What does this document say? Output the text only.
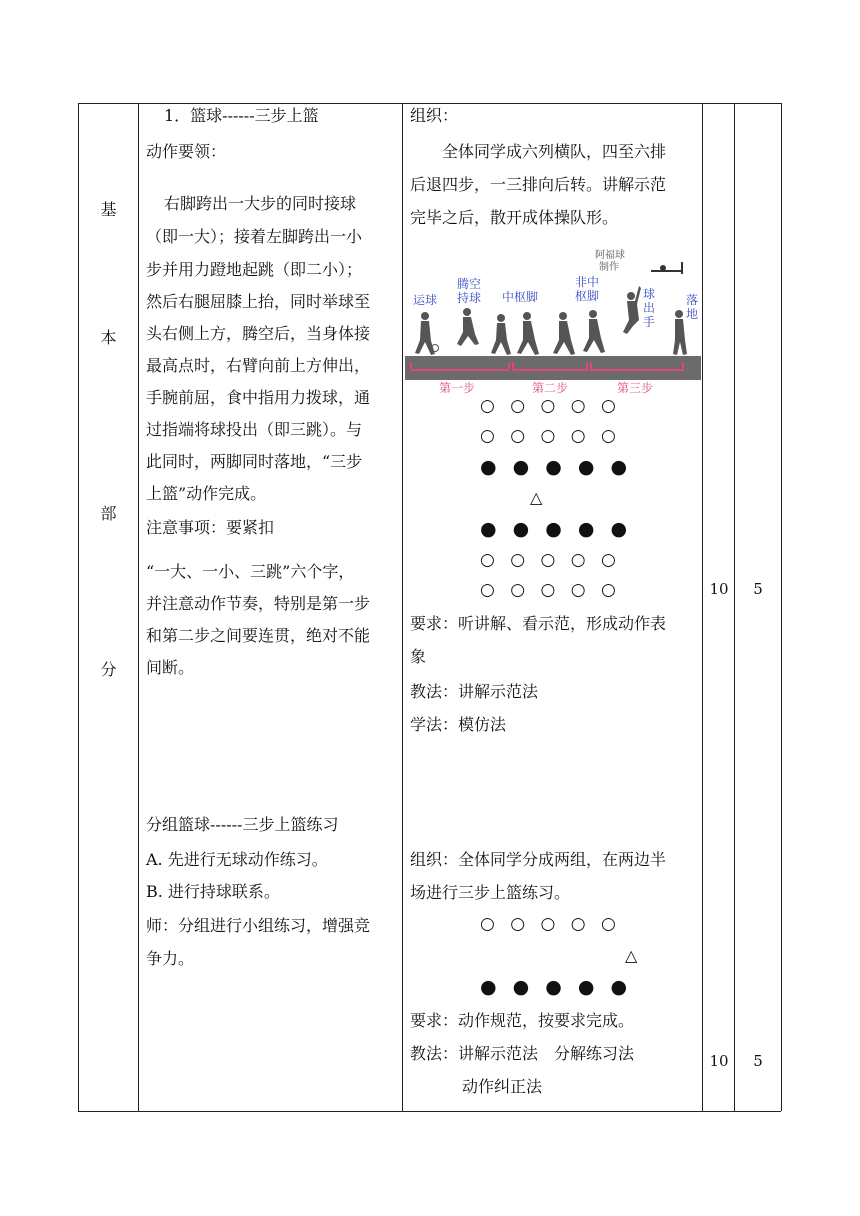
基
本
部
分
1．篮球------三步上篮
动作要领：
右脚跨出一大步的同时接球
（即一大）；接着左脚跨出一小
步并用力蹬地起跳（即二小）；
然后右腿屈膝上抬，同时举球至
头右侧上方，腾空后，当身体接
最高点时，右臂向前上方伸出，
手腕前屈，食中指用力拨球，通
过指端将球投出（即三跳）。与
此同时，两脚同时落地，“三步
上篮”动作完成。
注意事项：要紧扣
“一大、一小、三跳”六个字，
并注意动作节奏，特别是第一步
和第二步之间要连贯，绝对不能
间断。
分组篮球------三步上篮练习
A. 先进行无球动作练习。
B. 进行持球联系。
师：分组进行小组练习，增强竞
争力。
组织：
全体同学成六列横队，四至六排
后退四步，一三排向后转。讲解示范
完毕之后，散开成体操队形。
阿福球
制作
运球
腾空
持球 中枢脚
非中
枢脚	球
出
手
落
地
第一步	第二步	第三步
○ ○ ○ ○ ○
○ ○ ○ ○ ○
● ● ● ● ●
△
● ● ● ● ●
○ ○ ○ ○ ○
○ ○ ○ ○ ○
要求：听讲解、看示范，形成动作表
象
教法：讲解示范法
学法：模仿法
组织：全体同学分成两组，在两边半
场进行三步上篮练习。
○ ○ ○ ○ ○
△
● ● ● ● ●
要求：动作规范，按要求完成。
教法：讲解示范法　分解练习法
动作纠正法
10	5
10	5
